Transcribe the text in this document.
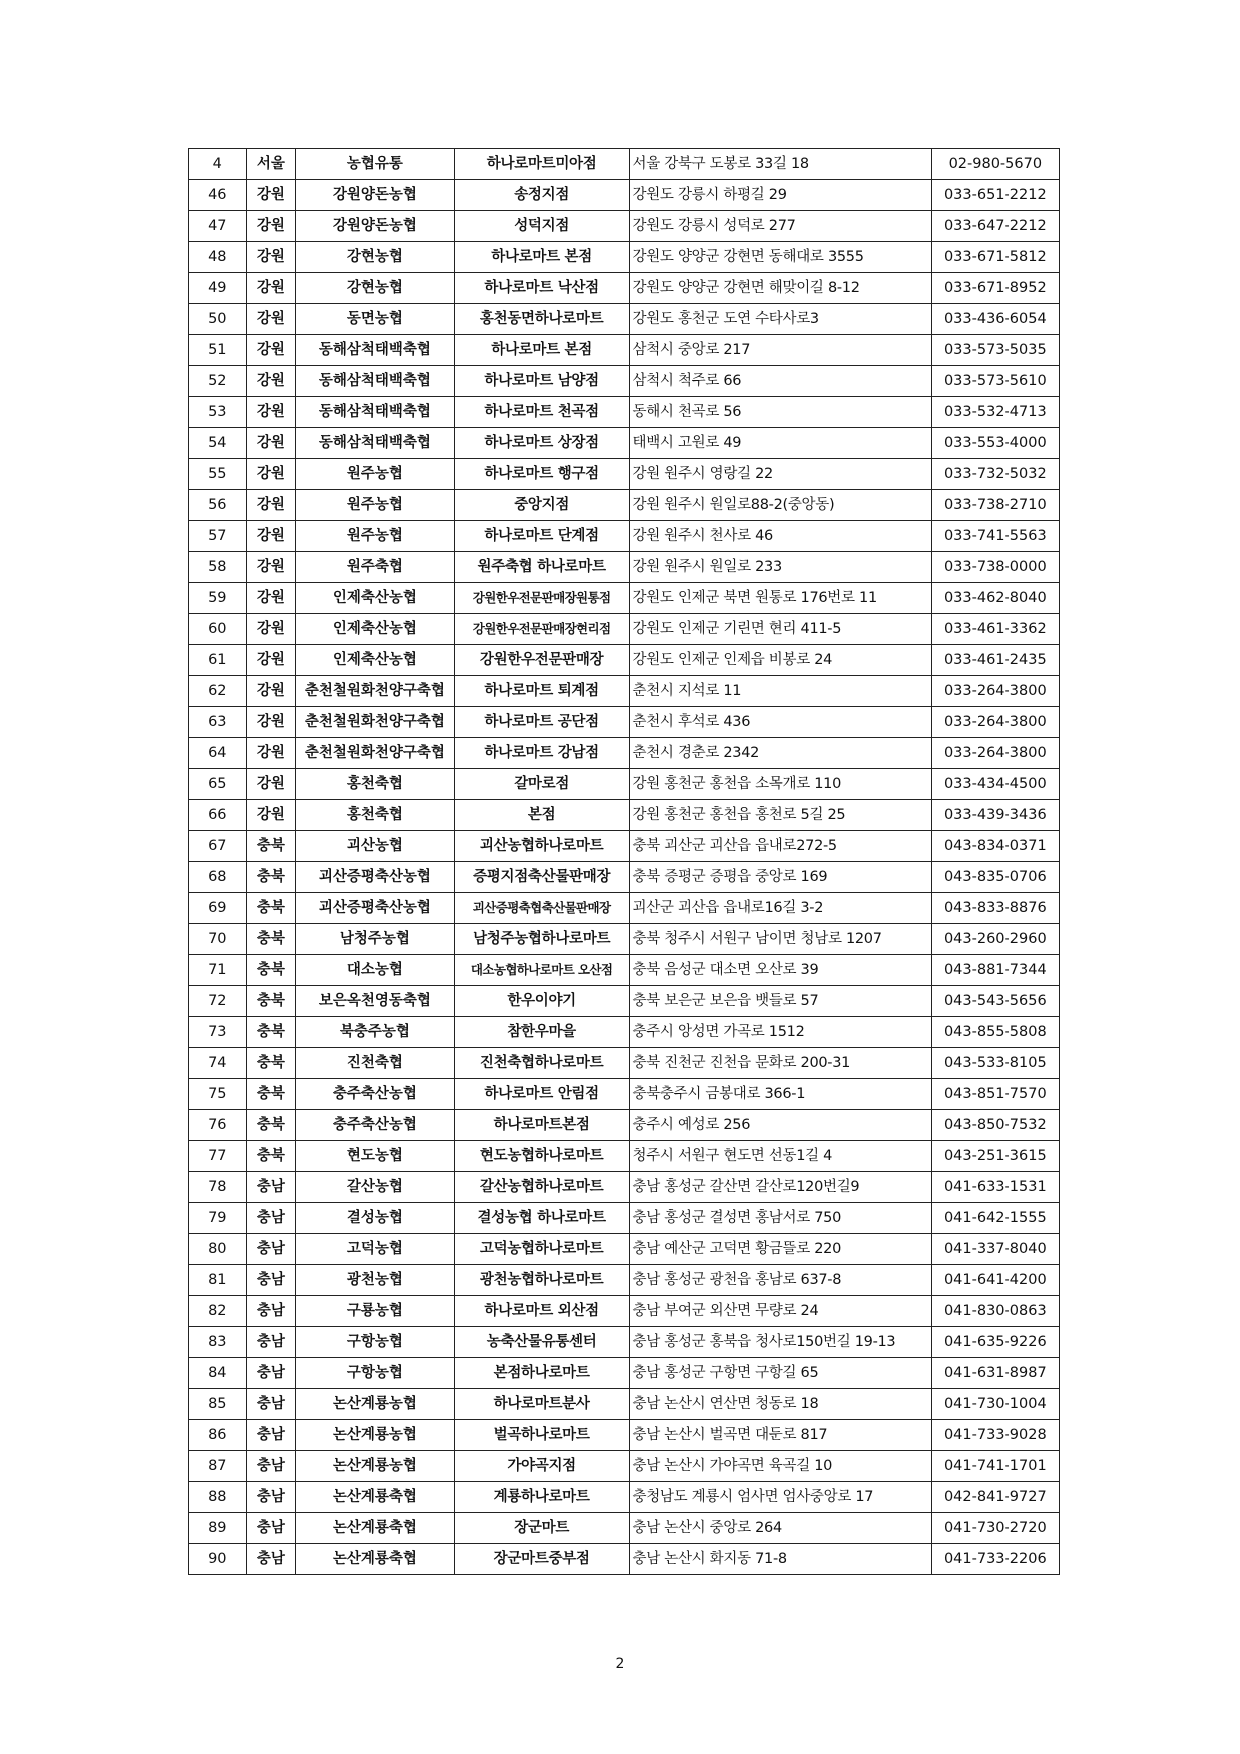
4	서울	농협유통	하나로마트미아점	서울 강북구 도봉로 33길 18	02-980-5670
46	강원	강원양돈농협	송정지점	강원도 강릉시 하평길 29	033-651-2212
47	강원	강원양돈농협	성덕지점	강원도 강릉시 성덕로 277	033-647-2212
48	강원	강현농협	하나로마트 본점	강원도 양양군 강현면 동해대로 3555	033-671-5812
49	강원	강현농협	하나로마트 낙산점	강원도 양양군 강현면 해맞이길 8-12	033-671-8952
50	강원	동면농협	홍천동면하나로마트	강원도 홍천군 도연 수타사로3	033-436-6054
51	강원	동해삼척태백축협	하나로마트 본점	삼척시 중앙로 217	033-573-5035
52	강원	동해삼척태백축협	하나로마트 남양점	삼척시 척주로 66	033-573-5610
53	강원	동해삼척태백축협	하나로마트 천곡점	동해시 천곡로 56	033-532-4713
54	강원	동해삼척태백축협	하나로마트 상장점	태백시 고원로 49	033-553-4000
55	강원	원주농협	하나로마트 행구점	강원 원주시 영랑길 22	033-732-5032
56	강원	원주농협	중앙지점	강원 원주시 원일로88-2(중앙동)	033-738-2710
57	강원	원주농협	하나로마트 단계점	강원 원주시 천사로 46	033-741-5563
58	강원	원주축협	원주축협 하나로마트	강원 원주시 원일로 233	033-738-0000
59	강원	인제축산농협	강원한우전문판매장원통점	강원도 인제군 북면 원통로 176번로 11	033-462-8040
60	강원	인제축산농협	강원한우전문판매장현리점	강원도 인제군 기린면 현리 411-5	033-461-3362
61	강원	인제축산농협	강원한우전문판매장	강원도 인제군 인제읍 비봉로 24	033-461-2435
62	강원	춘천철원화천양구축협	하나로마트 퇴계점	춘천시 지석로 11	033-264-3800
63	강원	춘천철원화천양구축협	하나로마트 공단점	춘천시 후석로 436	033-264-3800
64	강원	춘천철원화천양구축협	하나로마트 강남점	춘천시 경춘로 2342	033-264-3800
65	강원	홍천축협	갈마로점	강원 홍천군 홍천읍 소목개로 110	033-434-4500
66	강원	홍천축협	본점	강원 홍천군 홍천읍 홍천로 5길 25	033-439-3436
67	충북	괴산농협	괴산농협하나로마트	충북 괴산군 괴산읍 읍내로272-5	043-834-0371
68	충북	괴산증평축산농협	증평지점축산물판매장	충북 증평군 증평읍 중앙로 169	043-835-0706
69	충북	괴산증평축산농협	괴산증평축협축산물판매장	괴산군 괴산읍 읍내로16길 3-2	043-833-8876
70	충북	남청주농협	남청주농협하나로마트	충북 청주시 서원구 남이면 청남로 1207	043-260-2960
71	충북	대소농협	대소농협하나로마트 오산점	충북 음성군 대소면 오산로 39	043-881-7344
72	충북	보은옥천영동축협	한우이야기	충북 보은군 보은읍 뱃들로 57	043-543-5656
73	충북	북충주농협	참한우마을	충주시 앙성면 가곡로 1512	043-855-5808
74	충북	진천축협	진천축협하나로마트	충북 진천군 진천읍 문화로 200-31	043-533-8105
75	충북	충주축산농협	하나로마트 안림점	충북충주시 금봉대로 366-1	043-851-7570
76	충북	충주축산농협	하나로마트본점	충주시 예성로 256	043-850-7532
77	충북	현도농협	현도농협하나로마트	청주시 서원구 현도면 선동1길 4	043-251-3615
78	충남	갈산농협	갈산농협하나로마트	충남 홍성군 갈산면 갈산로120번길9	041-633-1531
79	충남	결성농협	결성농협 하나로마트	충남 홍성군 결성면 홍남서로 750	041-642-1555
80	충남	고덕농협	고덕농협하나로마트	충남 예산군 고덕면 황금뜰로 220	041-337-8040
81	충남	광천농협	광천농협하나로마트	충남 홍성군 광천읍 홍남로 637-8	041-641-4200
82	충남	구룡농협	하나로마트 외산점	충남 부여군 외산면 무량로 24	041-830-0863
83	충남	구항농협	농축산물유통센터	충남 홍성군 홍북읍 청사로150번길 19-13	041-635-9226
84	충남	구항농협	본점하나로마트	충남 홍성군 구항면 구항길 65	041-631-8987
85	충남	논산계룡농협	하나로마트분사	충남 논산시 연산면 청동로 18	041-730-1004
86	충남	논산계룡농협	벌곡하나로마트	충남 논산시 벌곡면 대둔로 817	041-733-9028
87	충남	논산계룡농협	가야곡지점	충남 논산시 가야곡면 육곡길 10	041-741-1701
88	충남	논산계룡축협	계룡하나로마트	충청남도 계룡시 엄사면 엄사중앙로 17	042-841-9727
89	충남	논산계룡축협	장군마트	충남 논산시 중앙로 264	041-730-2720
90	충남	논산계룡축협	장군마트중부점	충남 논산시 화지동 71-8	041-733-2206
2
